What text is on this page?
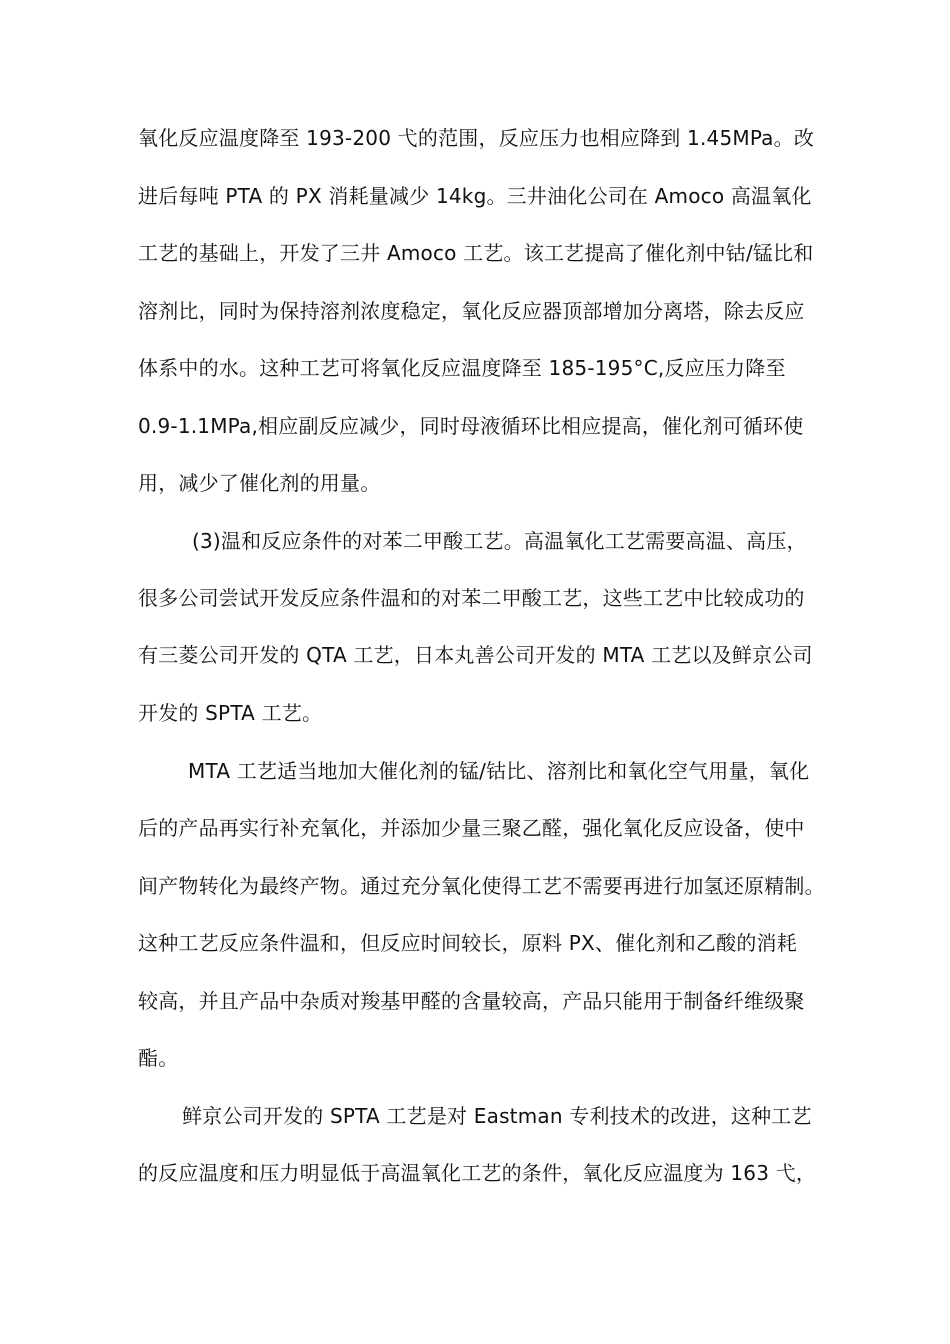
氧化反应温度降至 193-200 弋的范围，反应压力也相应降到 1.45MPa。改
进后每吨 PTA 的 PX 消耗量减少 14kg。三井油化公司在 Amoco 高温氧化
工艺的基础上，开发了三井 Amoco 工艺。该工艺提高了催化剂中钴/锰比和
溶剂比，同时为保持溶剂浓度稳定，氧化反应器顶部增加分离塔，除去反应
体系中的水。这种工艺可将氧化反应温度降至 185-195°C,反应压力降至
0.9-1.1MPa,相应副反应减少，同时母液循环比相应提高，催化剂可循环使
用，减少了催化剂的用量。
(3)温和反应条件的对苯二甲酸工艺。高温氧化工艺需要高温、高压，
很多公司尝试开发反应条件温和的对苯二甲酸工艺，这些工艺中比较成功的
有三菱公司开发的 QTA 工艺，日本丸善公司开发的 MTA 工艺以及鲜京公司
开发的 SPTA 工艺。
MTA 工艺适当地加大催化剂的锰/钴比、溶剂比和氧化空气用量，氧化
后的产品再实行补充氧化，并添加少量三聚乙醛，强化氧化反应设备，使中
间产物转化为最终产物。通过充分氧化使得工艺不需要再进行加氢还原精制。
这种工艺反应条件温和，但反应时间较长，原料 PX、催化剂和乙酸的消耗
较高，并且产品中杂质对羧基甲醛的含量较高，产品只能用于制备纤维级聚
酯。
鲜京公司开发的 SPTA 工艺是对 Eastman 专利技术的改进，这种工艺
的反应温度和压力明显低于高温氧化工艺的条件，氧化反应温度为 163 弋，
